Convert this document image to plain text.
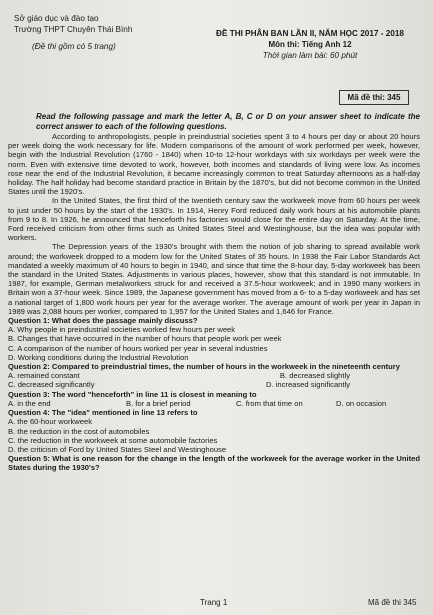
Sở giáo dục và đào tạo
Trường THPT Chuyên Thái Bình
(Đề thi gồm có 5 trang)
ĐỀ THI PHÂN BAN LẦN II, NĂM HỌC 2017 - 2018
Môn thi: Tiếng Anh 12
Thời gian làm bài: 60 phút
Mã đề thi: 345
Read the following passage and mark the letter A, B, C or D on your answer sheet to indicate the correct answer to each of the following questions.

According to anthropologists, people in preindustrial societies spent 3 to 4 hours per day or about 20 hours per week doing the work necessary for life. Modern comparisons of the amount of work performed per week, however, begin with the Industrial Revolution (1760 - 1840) when 10-to 12-hour workdays with six workdays per week were the norm. Even with extensive time devoted to work, however, both incomes and standards of living were low. As incomes rose near the end of the Industrial Revolution, it became increasingly common to treat Saturday afternoons as a half-day holiday. The half holiday had become standard practice in Britain by the 1870's, but did not become common in the United States until the 1920's.

In the United States, the first third of the twentieth century saw the workweek move from 60 hours per week to just under 50 hours by the start of the 1930's. In 1914, Henry Ford reduced daily work hours at his automobile plants from 9 to 8. In 1926, he announced that henceforth his factories would close for the entire day on Saturday. At the time, Ford received criticism from other firms such as United States Steel and Westinghouse, but the idea was popular with workers.

The Depression years of the 1930's brought with them the notion of job sharing to spread available work around; the workweek dropped to a modern low for the United States of 35 hours. In 1938 the Fair Labor Standards Act mandated a weekly maximum of 40 hours to begin in 1940, and since that time the 8-hour day, 5-day workweek has been the standard in the United States. Adjustments in various places, however, show that this standard is not immutable. In 1987, for example, German metalworkers struck for and received a 37.5-hour workweek; and in 1990 many workers in Britain won a 37-hour week. Since 1989, the Japanese government has moved from a 6- to a 5-day workweek and has set a national target of 1,800 work hours per year for the average worker. The average amount of work per year in Japan in 1989 was 2,088 hours per worker, compared to 1,957 for the United States and 1,646 for France.

Question 1: What does the passage mainly discuss?
A. Why people in preindustrial societies worked few hours per week
B. Changes that have occurred in the number of hours that people work per week
C. A comparison of the number of hours worked per year in several industries
D. Working conditions during the Industrial Revolution
Question 2: Compared to preindustrial times, the number of hours in the workweek in the nineteenth century
A. remained constant	B. decreased slightly
C. decreased significantly	D. increased significantly
Question 3: The word "henceforth" in line 11 is closest in meaning to
A. in the end	B. for a brief period	C. from that time on	D. on occasion
Question 4: The "idea" mentioned in line 13 refers to
A. the 60-hour workweek
B. the reduction in the cost of automobiles
C. the reduction in the workweek at some automobile factories
D. the criticism of Ford by United States Steel and Westinghouse
Question 5: What is one reason for the change in the length of the workweek for the average worker in the United States during the 1930's?
Trang 1	Mã đề thi 345
